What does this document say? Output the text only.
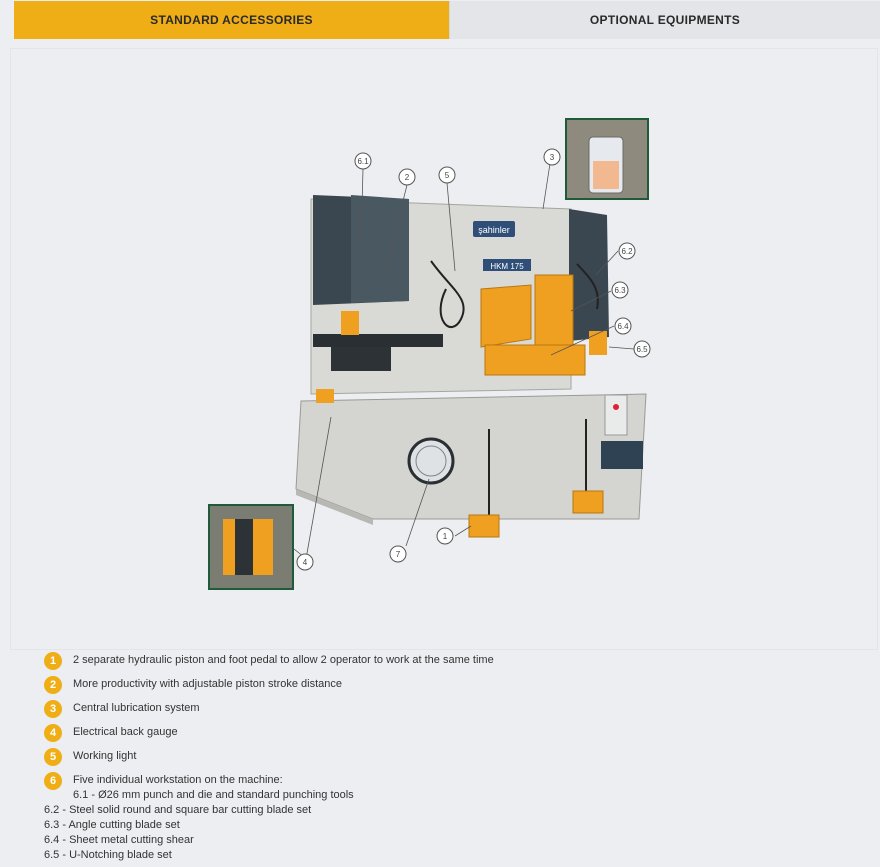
STANDARD ACCESSORIES	OPTIONAL EQUIPMENTS
şahinler
HKM 175
6.1
2	5
3
6.2
6.3
6.4
6.5
4
1
7
1	2 separate hydraulic piston and foot pedal to allow 2 operator to work at the same time
2	More productivity with adjustable piston stroke distance
3	Central lubrication system
4	Electrical back gauge
5	Working light
6	Five individual workstation on the machine:
6.1 - Ø26 mm punch and die and standard punching tools
6.2 - Steel solid round and square bar cutting blade set
6.3 - Angle cutting blade set
6.4 - Sheet metal cutting shear
6.5 - U-Notching blade set
